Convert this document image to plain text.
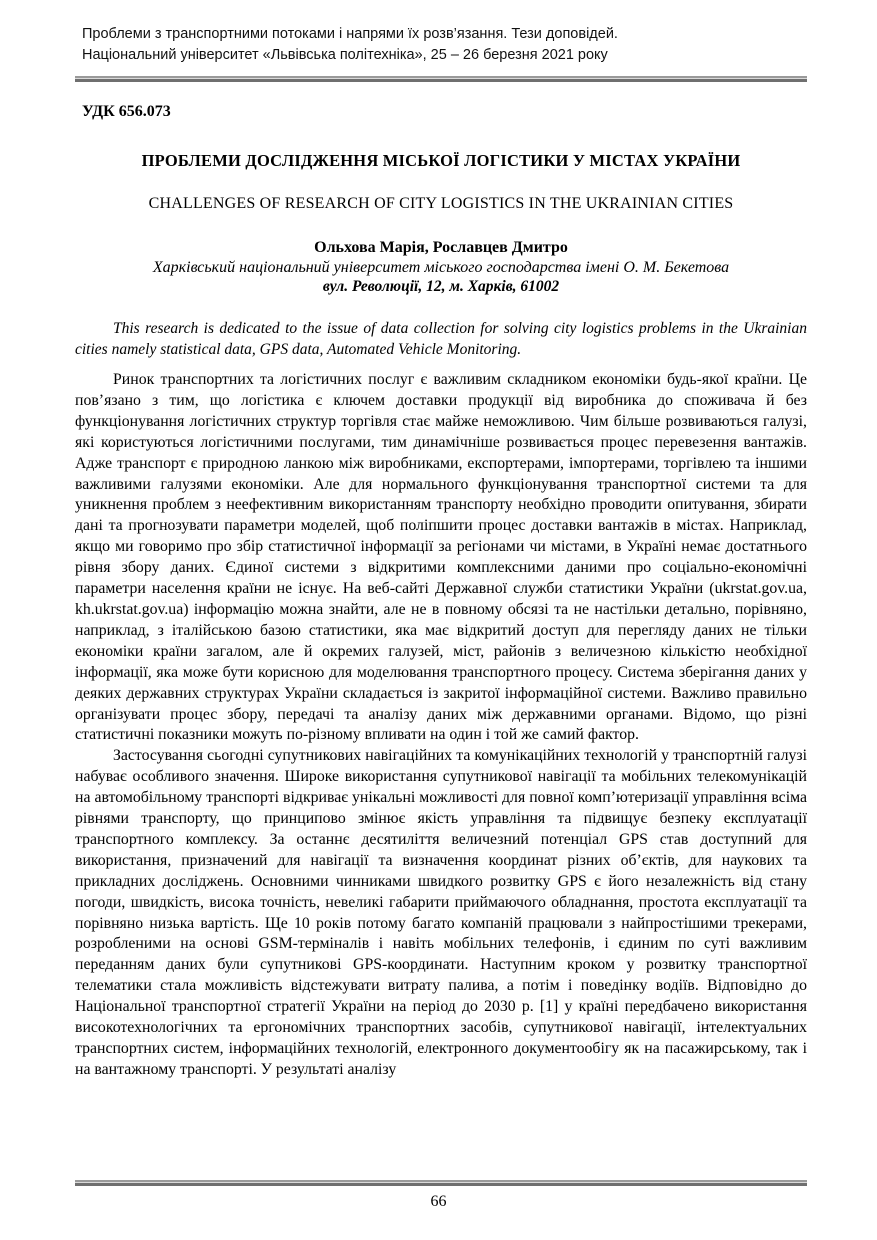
Проблеми з транспортними потоками і напрями їх розв’язання. Тези доповідей.
Національний університет «Львівська політехніка», 25 – 26 березня 2021 року
УДК 656.073
ПРОБЛЕМИ ДОСЛІДЖЕННЯ МІСЬКОЇ ЛОГІСТИКИ У МІСТАХ УКРАЇНИ
CHALLENGES OF RESEARCH OF CITY LOGISTICS IN THE UKRAINIAN CITIES
Ольхова Марія, Рославцев Дмитро
Харківський національний університет міського господарства імені О. М. Бекетова
вул. Революції, 12, м. Харків, 61002
This research is dedicated to the issue of data collection for solving city logistics problems in the Ukrainian cities namely statistical data, GPS data, Automated Vehicle Monitoring.

Ринок транспортних та логістичних послуг є важливим складником економіки будь-якої країни. Це пов’язано з тим, що логістика є ключем доставки продукції від виробника до споживача й без функціонування логістичних структур торгівля стає майже неможливою. Чим більше розвиваються галузі, які користуються логістичними послугами, тим динамічніше розвивається процес перевезення вантажів. Адже транспорт є природною ланкою між виробниками, експортерами, імпортерами, торгівлею та іншими важливими галузями економіки. Але для нормального функціонування транспортної системи та для уникнення проблем з неефективним використанням транспорту необхідно проводити опитування, збирати дані та прогнозувати параметри моделей, щоб поліпшити процес доставки вантажів в містах. Наприклад, якщо ми говоримо про збір статистичної інформації за регіонами чи містами, в Україні немає достатнього рівня збору даних. Єдиної системи з відкритими комплексними даними про соціально-економічні параметри населення країни не існує. На веб-сайті Державної служби статистики України (ukrstat.gov.ua, kh.ukrstat.gov.ua) інформацію можна знайти, але не в повному обсязі та не настільки детально, порівняно, наприклад, з італійською базою статистики, яка має відкритий доступ для перегляду даних не тільки економіки країни загалом, але й окремих галузей, міст, районів з величезною кількістю необхідної інформації, яка може бути корисною для моделювання транспортного процесу. Система зберігання даних у деяких державних структурах України складається із закритої інформаційної системи. Важливо правильно організувати процес збору, передачі та аналізу даних між державними органами. Відомо, що різні статистичні показники можуть по-різному впливати на один і той же самий фактор.

Застосування сьогодні супутникових навігаційних та комунікаційних технологій у транспортній галузі набуває особливого значення. Широке використання супутникової навігації та мобільних телекомунікацій на автомобільному транспорті відкриває унікальні можливості для повної комп’ютеризації управління всіма рівнями транспорту, що принципово змінює якість управління та підвищує безпеку експлуатації транспортного комплексу. За останнє десятиліття величезний потенціал GPS став доступний для використання, призначений для навігації та визначення координат різних об’єктів, для наукових та прикладних досліджень. Основними чинниками швидкого розвитку GPS є його незалежність від стану погоди, швидкість, висока точність, невеликі габарити приймаючого обладнання, простота експлуатації та порівняно низька вартість. Ще 10 років потому багато компаній працювали з найпростішими трекерами, розробленими на основі GSM-терміналів і навіть мобільних телефонів, і єдиним по суті важливим переданням даних були супутникові GPS-координати. Наступним кроком у розвитку транспортної телематики стала можливість відстежувати витрату палива, а потім і поведінку водіїв. Відповідно до Національної транспортної стратегії України на період до 2030 р. [1] у країні передбачено використання високотехнологічних та ергономічних транспортних засобів, супутникової навігації, інтелектуальних транспортних систем, інформаційних технологій, електронного документообігу як на пасажирському, так і на вантажному транспорті. У результаті аналізу

66
